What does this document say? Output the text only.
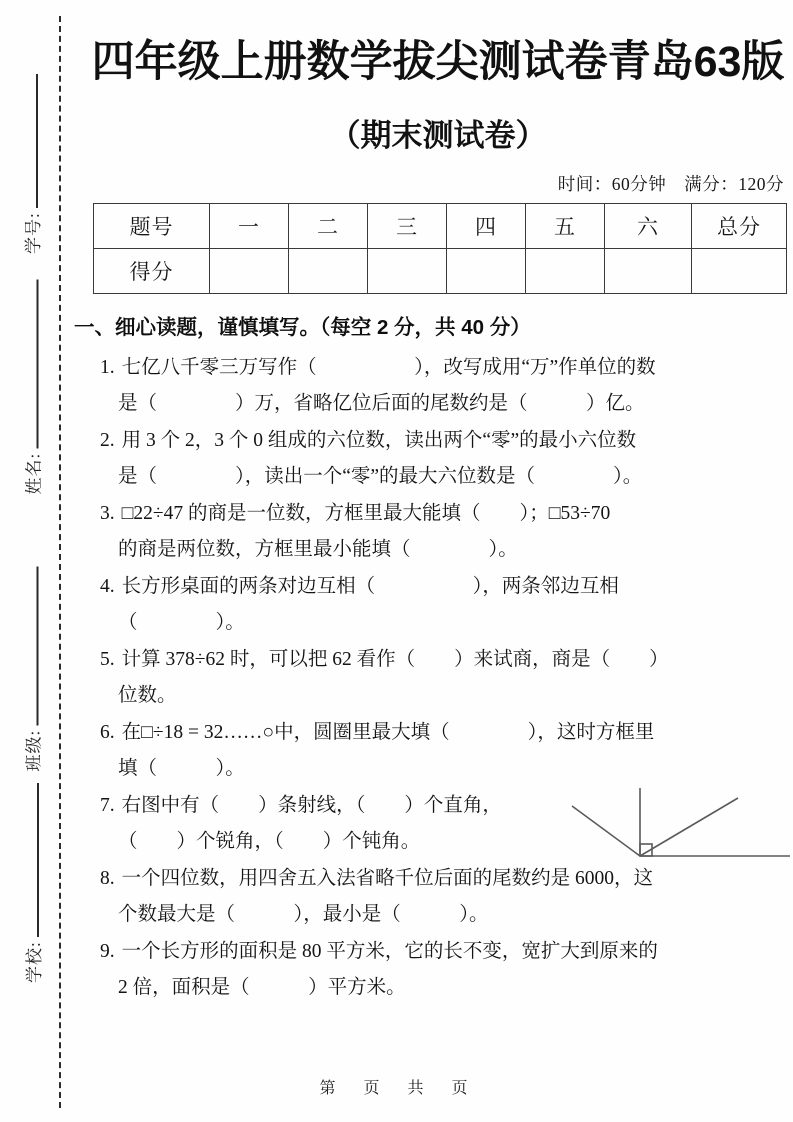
学号:
姓名:
班级:
学校:
四年级上册数学拔尖测试卷青岛63版
（期末测试卷）
时间：60分钟　满分：120分
题号	一	二	三	四	五	六	总分
得分							
一、细心读题，谨慎填写。（每空 2 分，共 40 分）
1. 七亿八千零三万写作（　　　　　），改写成用“万”作单位的数
是（　　　　）万，省略亿位后面的尾数约是（　　　）亿。
2. 用 3 个 2，3 个 0 组成的六位数，读出两个“零”的最小六位数
是（　　　　），读出一个“零”的最大六位数是（　　　　）。
3. □22÷47 的商是一位数，方框里最大能填（　　）；□53÷70
的商是两位数，方框里最小能填（　　　　）。
4. 长方形桌面的两条对边互相（　　　　　），两条邻边互相
（　　　　）。
5. 计算 378÷62 时，可以把 62 看作（　　）来试商，商是（　　）
位数。
6. 在□÷18 = 32……○中，圆圈里最大填（　　　　），这时方框里
填（　　　）。
7. 右图中有（　　）条射线，（　　）个直角，
（　　）个锐角，（　　）个钝角。
8. 一个四位数，用四舍五入法省略千位后面的尾数约是 6000，这
个数最大是（　　　），最小是（　　　）。
9. 一个长方形的面积是 80 平方米，它的长不变，宽扩大到原来的
2 倍，面积是（　　　）平方米。
第　页　共　页
